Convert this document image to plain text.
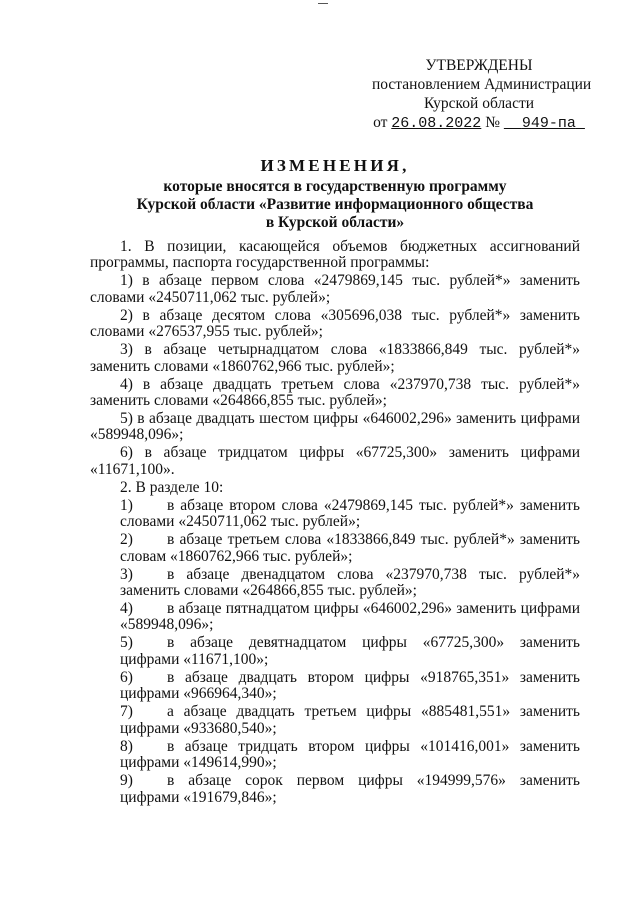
УТВЕРЖДЕНЫ
постановлением Администрации
Курской области
от 26.08.2022 № 949-па
ИЗМЕНЕНИЯ,
которые вносятся в государственную программу
Курской области «Развитие информационного общества
в Курской области»

1. В позиции, касающейся объемов бюджетных ассигнований программы, паспорта государственной программы:

1) в абзаце первом слова «2479869,145 тыс. рублей*» заменить словами «2450711,062 тыс. рублей»;

2) в абзаце десятом слова «305696,038 тыс. рублей*» заменить словами «276537,955 тыс. рублей»;

3) в абзаце четырнадцатом слова «1833866,849 тыс. рублей*» заменить словами «1860762,966 тыс. рублей»;

4) в абзаце двадцать третьем слова «237970,738 тыс. рублей*» заменить словами «264866,855 тыс. рублей»;

5) в абзаце двадцать шестом цифры «646002,296» заменить цифрами «589948,096»;

6) в абзаце тридцатом цифры «67725,300» заменить цифрами «11671,100».

2. В разделе 10:

1) в абзаце втором слова «2479869,145 тыс. рублей*» заменить словами «2450711,062 тыс. рублей»;

2) в абзаце третьем слова «1833866,849 тыс. рублей*» заменить словам «1860762,966 тыс. рублей»;

3) в абзаце двенадцатом слова «237970,738 тыс. рублей*» заменить словами «264866,855 тыс. рублей»;

4) в абзаце пятнадцатом цифры «646002,296» заменить цифрами «589948,096»;

5) в абзаце девятнадцатом цифры «67725,300» заменить цифрами «11671,100»;

6) в абзаце двадцать втором цифры «918765,351» заменить цифрами «966964,340»;

7) а абзаце двадцать третьем цифры «885481,551» заменить цифрами «933680,540»;

8) в абзаце тридцать втором цифры «101416,001» заменить цифрами «149614,990»;

9) в абзаце сорок первом цифры «194999,576» заменить цифрами «191679,846»;
